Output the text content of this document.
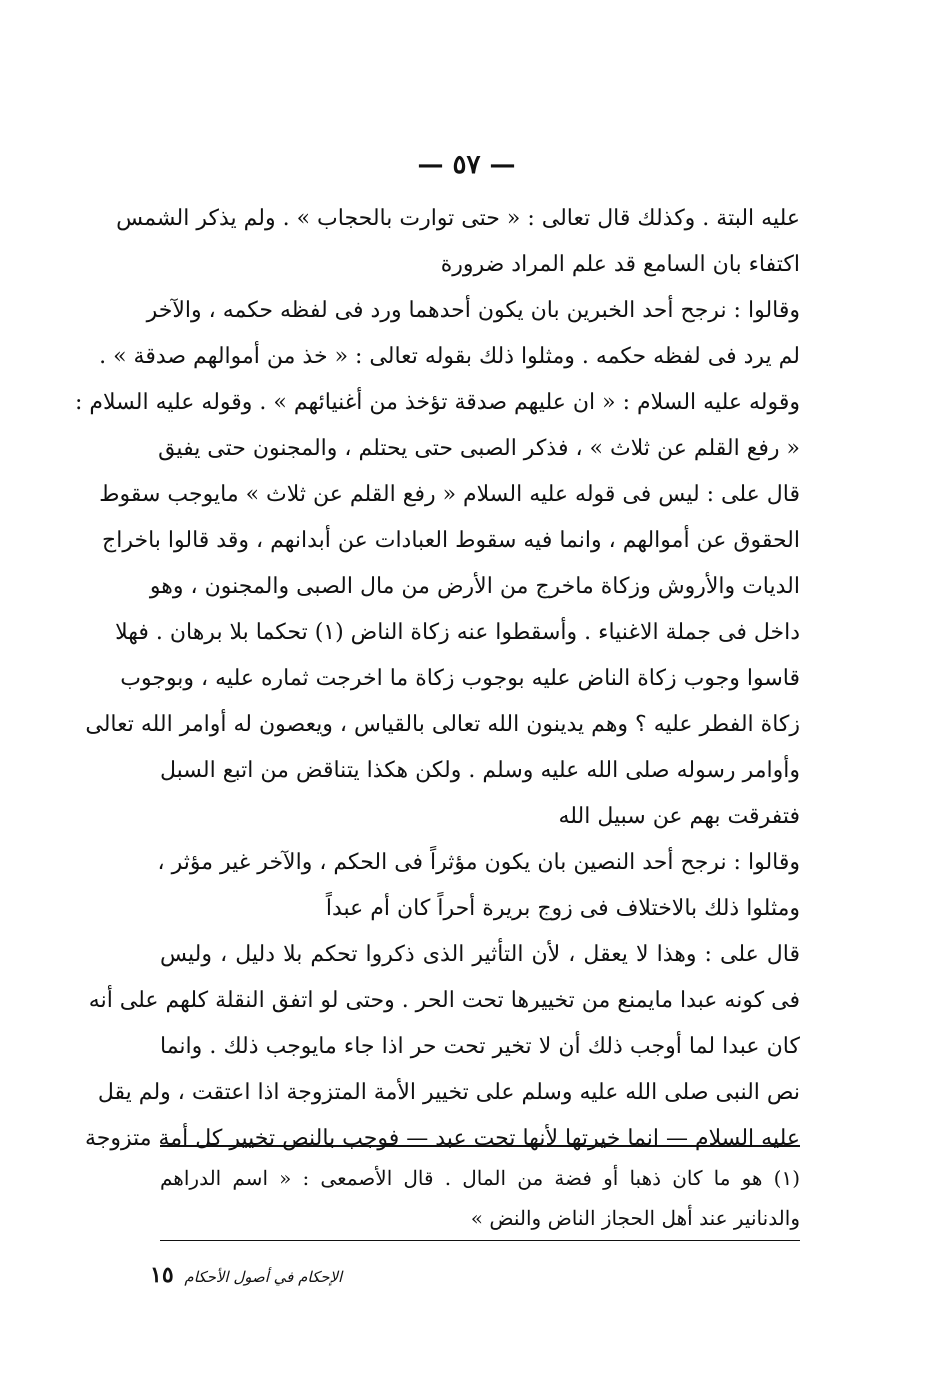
— ٥٧ —
عليه البتة . وكذلك قال تعالى : « حتى توارت بالحجاب » . ولم يذكر الشمس
اكتفاء بان السامع قد علم المراد ضرورة
وقالوا : نرجح أحد الخبرين بان يكون أحدهما ورد فى لفظه حكمه ، والآخر
لم يرد فى لفظه حكمه . ومثلوا ذلك بقوله تعالى : « خذ من أموالهم صدقة » .
وقوله عليه السلام : « ان عليهم صدقة تؤخذ من أغنيائهم » . وقوله عليه السلام :
« رفع القلم عن ثلاث » ، فذكر الصبى حتى يحتلم ، والمجنون حتى يفيق
قال على : ليس فى قوله عليه السلام « رفع القلم عن ثلاث » مايوجب سقوط
الحقوق عن أموالهم ، وانما فيه سقوط العبادات عن أبدانهم ، وقد قالوا باخراج
الديات والأروش وزكاة ماخرج من الأرض من مال الصبى والمجنون ، وهو
داخل فى جملة الاغنياء . وأسقطوا عنه زكاة الناض (١) تحكما بلا برهان . فهلا
قاسوا وجوب زكاة الناض عليه بوجوب زكاة ما اخرجت ثماره عليه ، وبوجوب
زكاة الفطر عليه ؟ وهم يدينون الله تعالى بالقياس ، ويعصون له أوامر الله تعالى
وأوامر رسوله صلى الله عليه وسلم . ولكن هكذا يتناقض من اتبع السبل
فتفرقت بهم عن سبيل الله
وقالوا : نرجح أحد النصين بان يكون مؤثراً فى الحكم ، والآخر غير مؤثر ،
ومثلوا ذلك بالاختلاف فى زوج بريرة أحراً كان أم عبداً
قال على : وهذا لا يعقل ، لأن التأثير الذى ذكروا تحكم بلا دليل ، وليس
فى كونه عبدا مايمنع من تخييرها تحت الحر . وحتى لو اتفق النقلة كلهم على أنه
كان عبدا لما أوجب ذلك أن لا تخير تحت حر اذا جاء مايوجب ذلك . وانما
نص النبى صلى الله عليه وسلم على تخيير الأمة المتزوجة اذا اعتقت ، ولم يقل
عليه السلام — انما خيرتها لأنها تحت عبد — فوجب بالنص تخيير كل أمة متزوجة
(١) هو ما كان ذهبا أو فضة من المال . قال الأصمعى : « اسم الدراهم
والدنانير عند أهل الحجاز الناض والنض »
الإحكام في أصول الأحكام ١٥
